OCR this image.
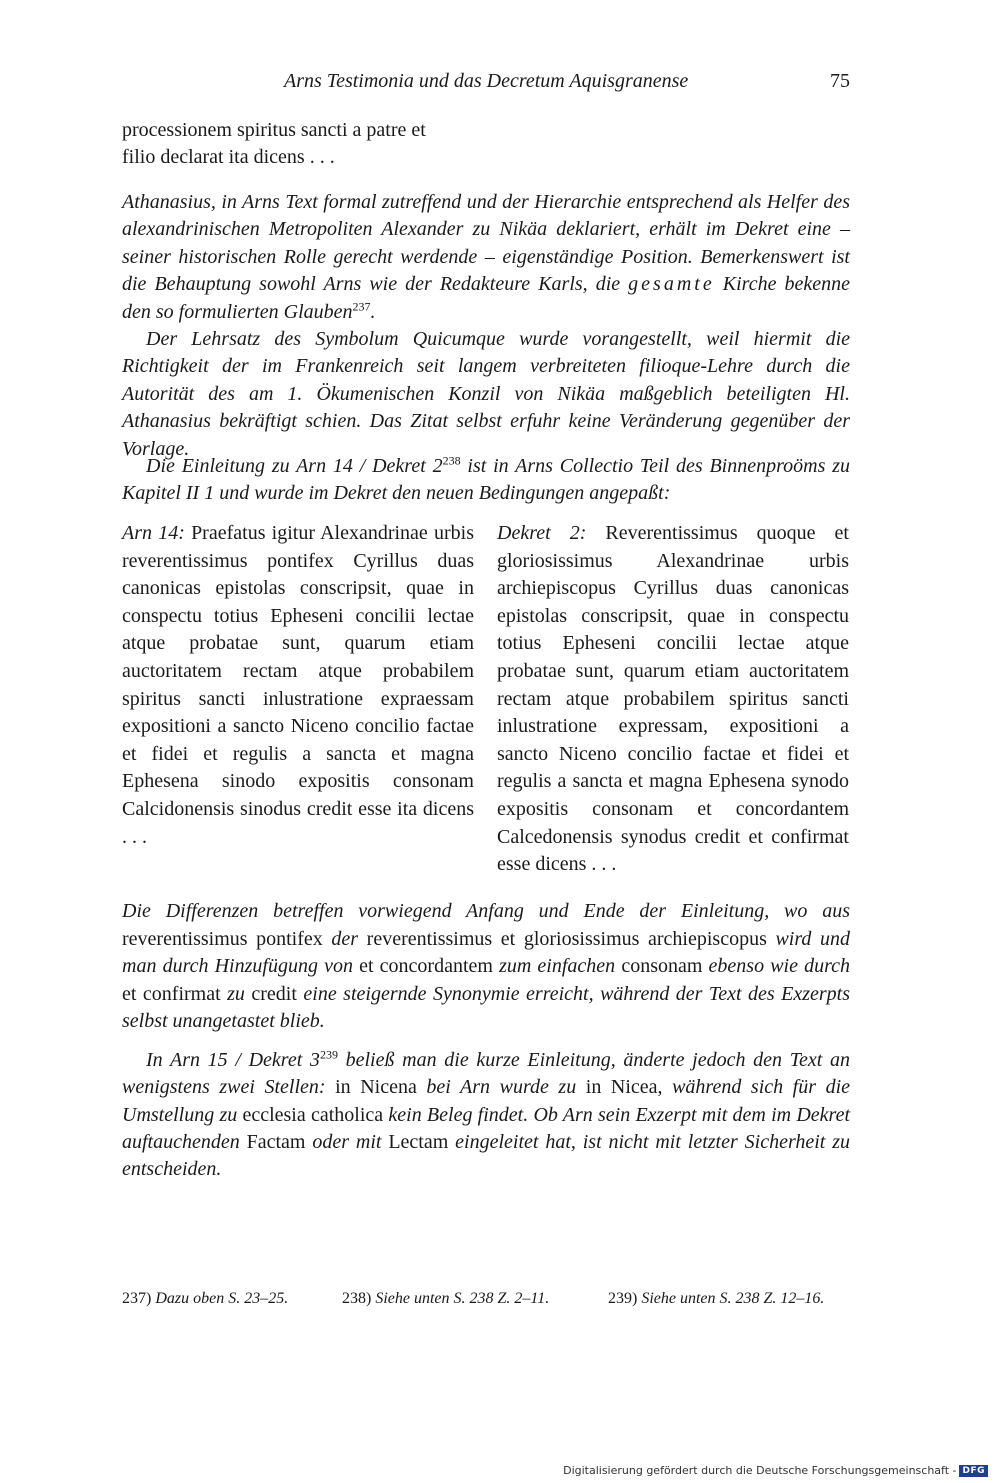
Arns Testimonia und das Decretum Aquisgranense	75
processionem spiritus sancti a patre et
filio declarat ita dicens . . .

Athanasius, in Arns Text formal zutreffend und der Hierarchie entsprechend als Helfer des alexandrinischen Metropoliten Alexander zu Nikäa deklariert, erhält im Dekret eine – seiner historischen Rolle gerecht werdende – eigenständige Position. Bemerkenswert ist die Behauptung sowohl Arns wie der Redakteure Karls, die gesamte Kirche bekenne den so formulierten Glauben$^{237}$.

Der Lehrsatz des Symbolum Quicumque wurde vorangestellt, weil hiermit die Richtigkeit der im Frankenreich seit langem verbreiteten filioque-Lehre durch die Autorität des am 1. Ökumenischen Konzil von Nikäa maßgeblich beteiligten Hl. Athanasius bekräftigt schien. Das Zitat selbst erfuhr keine Veränderung gegenüber der Vorlage.

Die Einleitung zu Arn 14 / Dekret $2^{238}$ ist in Arns Collectio Teil des Binnenproöms zu Kapitel II 1 und wurde im Dekret den neuen Bedingungen angepaßt:

Arn 14: Praefatus igitur Alexandrinae urbis reverentissimus pontifex Cyrillus duas canonicas epistolas conscripsit, quae in conspectu totius Epheseni concilii lectae atque probatae sunt, quarum etiam auctoritatem rectam atque probabilem spiritus sancti inlustratione expraessam expositioni a sancto Niceno concilio factae et fidei et regulis a sancta et magna Ephesena sinodo expositis consonam Calcidonensis sinodus credit esse ita dicens . . .
Dekret 2: Reverentissimus quoque et gloriosissimus Alexandrinae urbis archiepiscopus Cyrillus duas canonicas epistolas conscripsit, quae in conspectu totius Epheseni concilii lectae atque probatae sunt, quarum etiam auctoritatem rectam atque probabilem spiritus sancti inlustratione expressam, expositioni a sancto Niceno concilio factae et fidei et regulis a sancta et magna Ephesena synodo expositis consonam et concordantem Calcedonensis synodus credit et confirmat esse dicens . . .

Die Differenzen betreffen vorwiegend Anfang und Ende der Einleitung, wo aus reverentissimus pontifex der reverentissimus et gloriosissimus archiepiscopus wird und man durch Hinzufügung von et concordantem zum einfachen consonam ebenso wie durch et confirmat zu credit eine steigernde Synonymie erreicht, während der Text des Exzerpts selbst unangetastet blieb.

In Arn 15 / Dekret $3^{239}$ beließ man die kurze Einleitung, änderte jedoch den Text an wenigstens zwei Stellen: in Nicena bei Arn wurde zu in Nicea, während sich für die Umstellung zu ecclesia catholica kein Beleg findet. Ob Arn sein Exzerpt mit dem im Dekret auftauchenden Factam oder mit Lectam eingeleitet hat, ist nicht mit letzter Sicherheit zu entscheiden.

237) Dazu oben S. 23–25.	238) Siehe unten S. 238 Z. 2–11.	239) Siehe unten S. 238 Z. 12–16.
Digitalisierung gefördert durch die Deutsche Forschungsgemeinschaft - DFG
